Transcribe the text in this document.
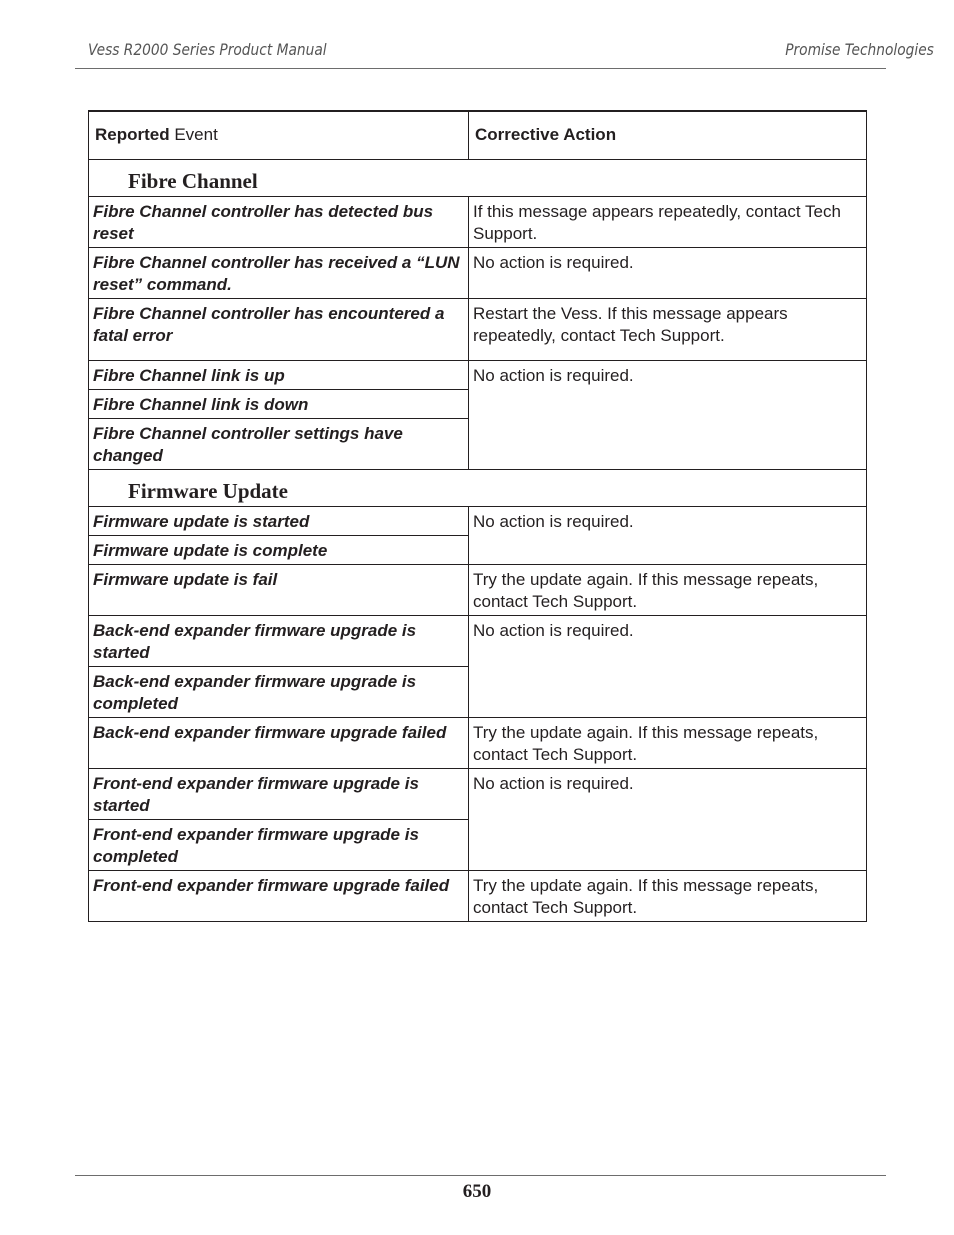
Vess R2000 Series Product Manual	Promise Technologies
Reported Event	Corrective Action
Fibre Channel	
Fibre Channel controller has detected bus reset	If this message appears repeatedly, contact Tech Support.
Fibre Channel controller has received a “LUN reset” command.	No action is required.
Fibre Channel controller has encountered a fatal error	Restart the Vess. If this message appears repeatedly, contact Tech Support.
Fibre Channel link is up	No action is required.
Fibre Channel link is down	
Fibre Channel controller settings have changed	
Firmware Update	
Firmware update is started	No action is required.
Firmware update is complete	
Firmware update is fail	Try the update again. If this message repeats, contact Tech Support.
Back-end expander firmware upgrade is started	No action is required.
Back-end expander firmware upgrade is completed	
Back-end expander firmware upgrade failed	Try the update again. If this message repeats, contact Tech Support.
Front-end expander firmware upgrade is started	No action is required.
Front-end expander firmware upgrade is completed	
Front-end expander firmware upgrade failed	Try the update again. If this message repeats, contact Tech Support.
650
